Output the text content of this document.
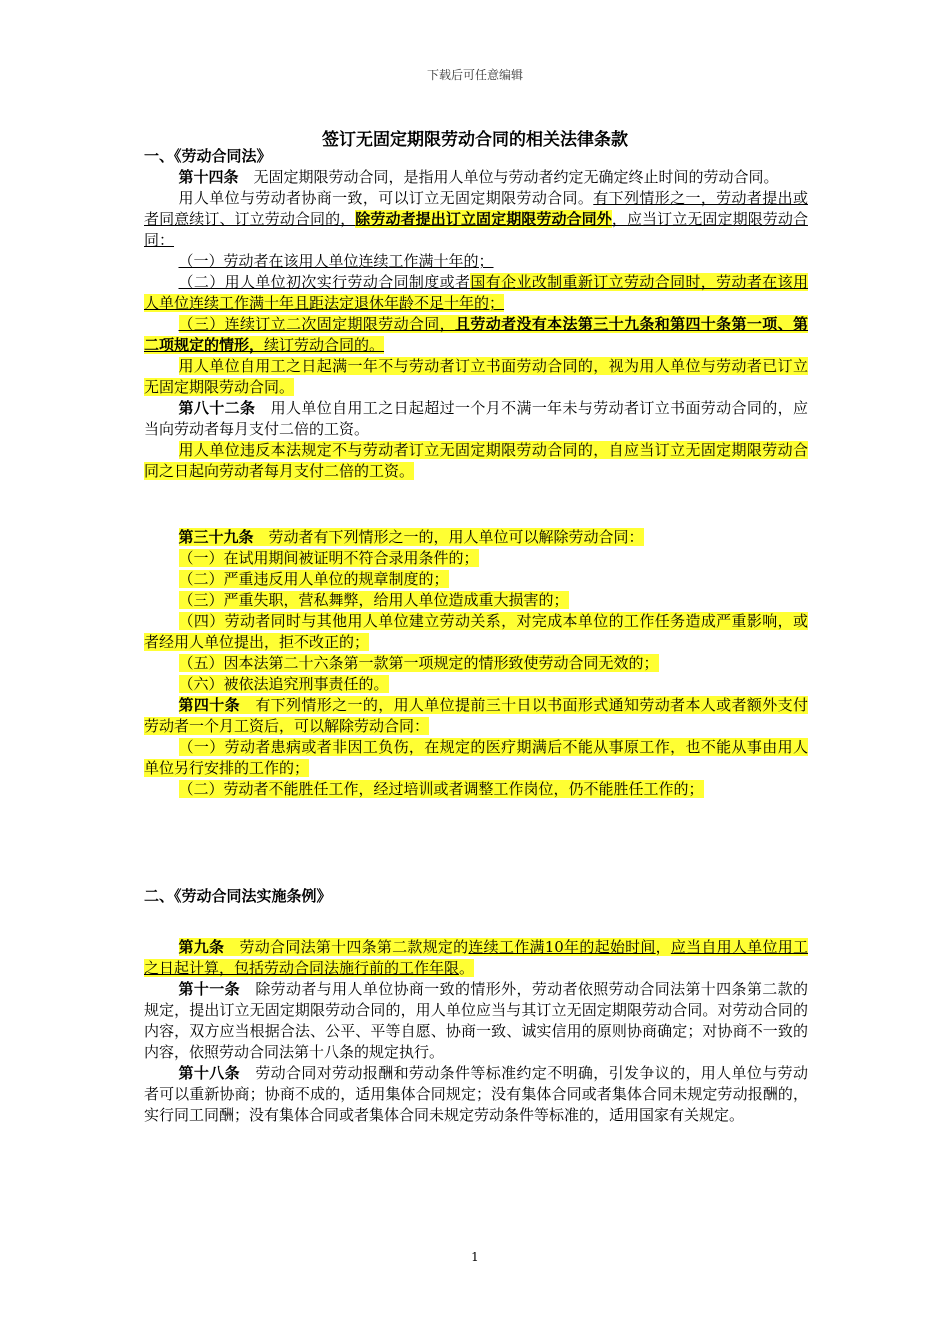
下载后可任意编辑
签订无固定期限劳动合同的相关法律条款

一、《劳动合同法》

第十四条  无固定期限劳动合同，是指用人单位与劳动者约定无确定终止时间的劳动合同。

用人单位与劳动者协商一致，可以订立无固定期限劳动合同。有下列情形之一，劳动者提出或者同意续订、订立劳动合同的，除劳动者提出订立固定期限劳动合同外，应当订立无固定期限劳动合同：

（一）劳动者在该用人单位连续工作满十年的；

（二）用人单位初次实行劳动合同制度或者国有企业改制重新订立劳动合同时，劳动者在该用人单位连续工作满十年且距法定退休年龄不足十年的；

（三）连续订立二次固定期限劳动合同，且劳动者没有本法第三十九条和第四十条第一项、第二项规定的情形，续订劳动合同的。

用人单位自用工之日起满一年不与劳动者订立书面劳动合同的，视为用人单位与劳动者已订立无固定期限劳动合同。

第八十二条  用人单位自用工之日起超过一个月不满一年未与劳动者订立书面劳动合同的，应当向劳动者每月支付二倍的工资。

用人单位违反本法规定不与劳动者订立无固定期限劳动合同的，自应当订立无固定期限劳动合同之日起向劳动者每月支付二倍的工资。

第三十九条  劳动者有下列情形之一的，用人单位可以解除劳动合同：

（一）在试用期间被证明不符合录用条件的；

（二）严重违反用人单位的规章制度的；

（三）严重失职，营私舞弊，给用人单位造成重大损害的；

（四）劳动者同时与其他用人单位建立劳动关系，对完成本单位的工作任务造成严重影响，或者经用人单位提出，拒不改正的；

（五）因本法第二十六条第一款第一项规定的情形致使劳动合同无效的；

（六）被依法追究刑事责任的。

第四十条  有下列情形之一的，用人单位提前三十日以书面形式通知劳动者本人或者额外支付劳动者一个月工资后，可以解除劳动合同：

（一）劳动者患病或者非因工负伤，在规定的医疗期满后不能从事原工作，也不能从事由用人单位另行安排的工作的；

（二）劳动者不能胜任工作，经过培训或者调整工作岗位，仍不能胜任工作的；

二、《劳动合同法实施条例》

第九条  劳动合同法第十四条第二款规定的连续工作满10年的起始时间，应当自用人单位用工之日起计算，包括劳动合同法施行前的工作年限。

第十一条  除劳动者与用人单位协商一致的情形外，劳动者依照劳动合同法第十四条第二款的规定，提出订立无固定期限劳动合同的，用人单位应当与其订立无固定期限劳动合同。对劳动合同的内容，双方应当根据合法、公平、平等自愿、协商一致、诚实信用的原则协商确定；对协商不一致的内容，依照劳动合同法第十八条的规定执行。

第十八条  劳动合同对劳动报酬和劳动条件等标准约定不明确，引发争议的，用人单位与劳动者可以重新协商；协商不成的，适用集体合同规定；没有集体合同或者集体合同未规定劳动报酬的，实行同工同酬；没有集体合同或者集体合同未规定劳动条件等标准的，适用国家有关规定。

1
